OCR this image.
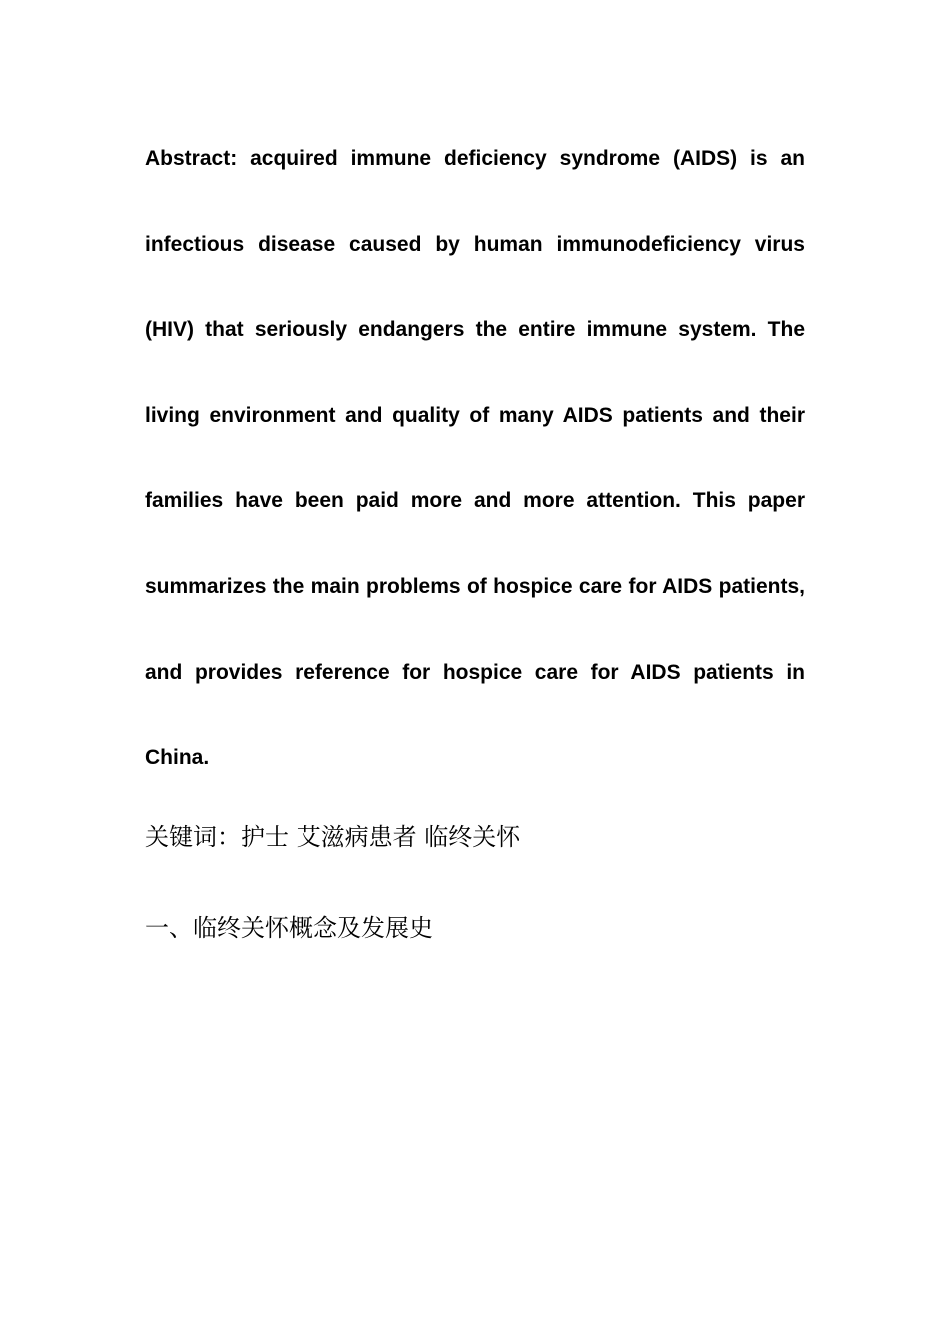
Abstract: acquired immune deficiency syndrome (AIDS) is an infectious disease caused by human immunodeficiency virus (HIV) that seriously endangers the entire immune system. The living environment and quality of many AIDS patients and their families have been paid more and more attention. This paper summarizes the main problems of hospice care for AIDS patients, and provides reference for hospice care for AIDS patients in China.

关键词：护士 艾滋病患者 临终关怀

一、临终关怀概念及发展史
